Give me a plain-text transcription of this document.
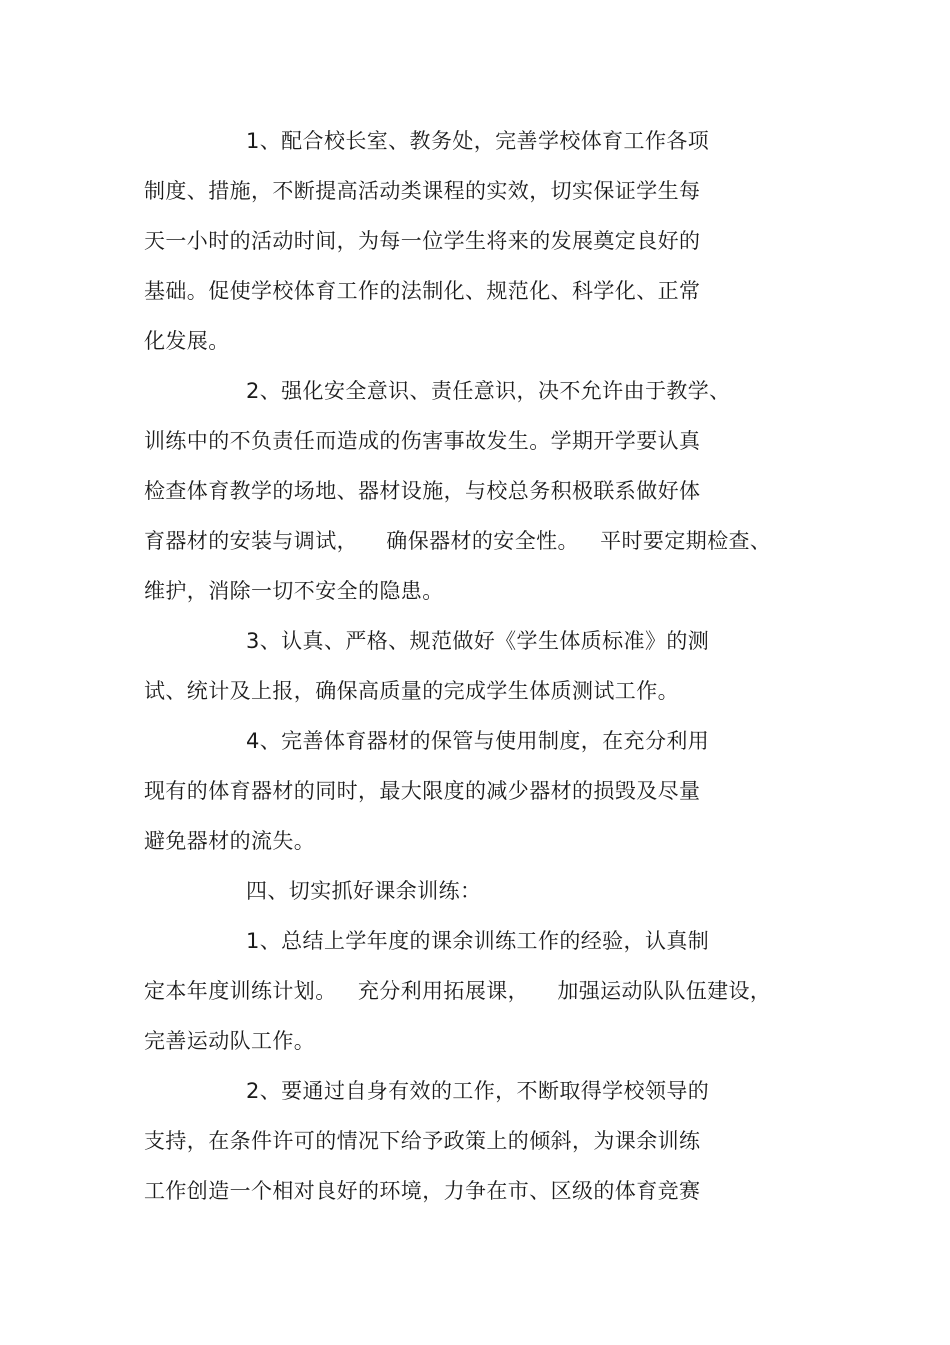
1、配合校长室、教务处，完善学校体育工作各项
制度、措施，不断提高活动类课程的实效，切实保证学生每
天一小时的活动时间，为每一位学生将来的发展奠定良好的
基础。促使学校体育工作的法制化、规范化、科学化、正常
化发展。
2、强化安全意识、责任意识，决不允许由于教学、
训练中的不负责任而造成的伤害事故发生。学期开学要认真
检查体育教学的场地、器材设施，与校总务积极联系做好体
育器材的安装与调试，    确保器材的安全性。   平时要定期检查、
维护，消除一切不安全的隐患。
3、认真、严格、规范做好《学生体质标准》的测
试、统计及上报，确保高质量的完成学生体质测试工作。
4、完善体育器材的保管与使用制度，在充分利用
现有的体育器材的同时，最大限度的减少器材的损毁及尽量
避免器材的流失。
四、切实抓好课余训练：
1、总结上学年度的课余训练工作的经验，认真制
定本年度训练计划。   充分利用拓展课，    加强运动队队伍建设，
完善运动队工作。
2、要通过自身有效的工作，不断取得学校领导的
支持，在条件许可的情况下给予政策上的倾斜，为课余训练
工作创造一个相对良好的环境，力争在市、区级的体育竞赛
